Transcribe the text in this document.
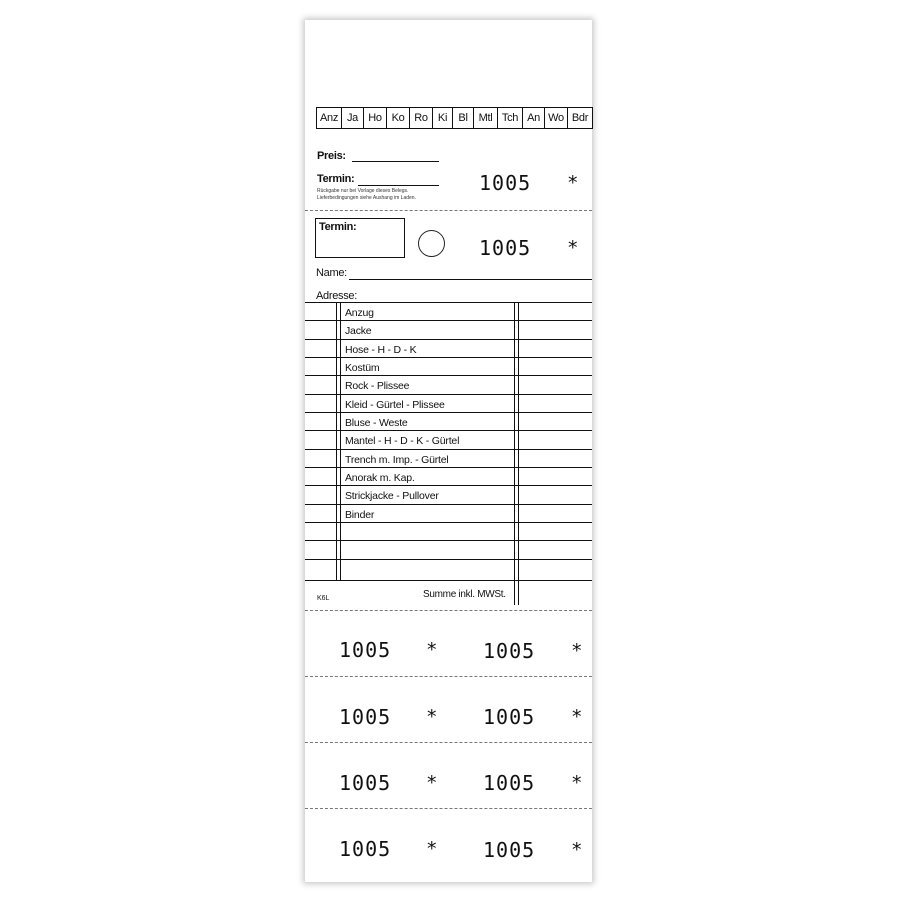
Anz Ja Ho Ko Ro Ki	Bl	Mtl Tch An Wo Bdr
Preis:
Termin:
Rückgabe nur bei Vorlage dieses Belegs.
Lieferbedingungen siehe Aushang im Laden.
1005 *
Termin:
1005 *
Name:
Adresse:
Anzug
Jacke
Hose - H - D - K
Kostüm
Rock - Plissee
Kleid - Gürtel - Plissee
Bluse - Weste
Mantel - H - D - K - Gürtel
Trench m. Imp. - Gürtel
Anorak m. Kap.
Strickjacke - Pullover
Binder
K6L	Summe inkl. MWSt.
1005 * 1005 *
1005 * 1005 *
1005 * 1005 *
1005 * 1005 *
